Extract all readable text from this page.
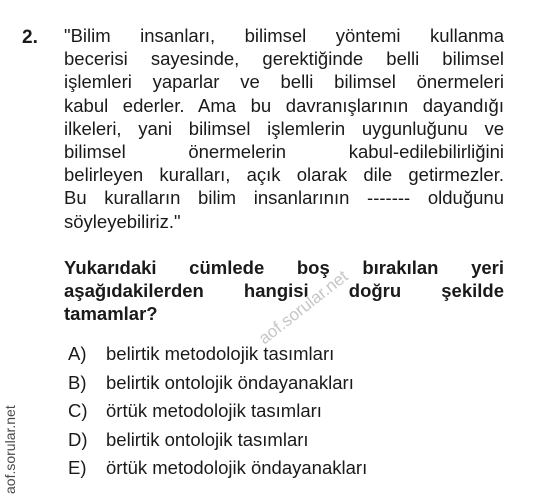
2. "Bilim insanları, bilimsel yöntemi kullanma
becerisi sayesinde, gerektiğinde belli bilimsel
işlemleri yaparlar ve belli bilimsel önermeleri
kabul ederler. Ama bu davranışlarının dayandığı
ilkeleri, yani bilimsel işlemlerin uygunluğunu ve
bilimsel önermelerin kabul-edilebilirliğini
belirleyen kuralları, açık olarak dile getirmezler.
Bu kuralların bilim insanlarının ------- olduğunu
söyleyebiliriz."
Yukarıdaki cümlede boş bırakılan yeri
aşağıdakilerden hangisi doğru şekilde
tamamlar?
A) belirtik metodolojik tasımları
B) belirtik ontolojik öndayanakları
C) örtük metodolojik tasımları
D) belirtik ontolojik tasımları
E) örtük metodolojik öndayanakları
aof.sorular.net
aof.sorular.net
